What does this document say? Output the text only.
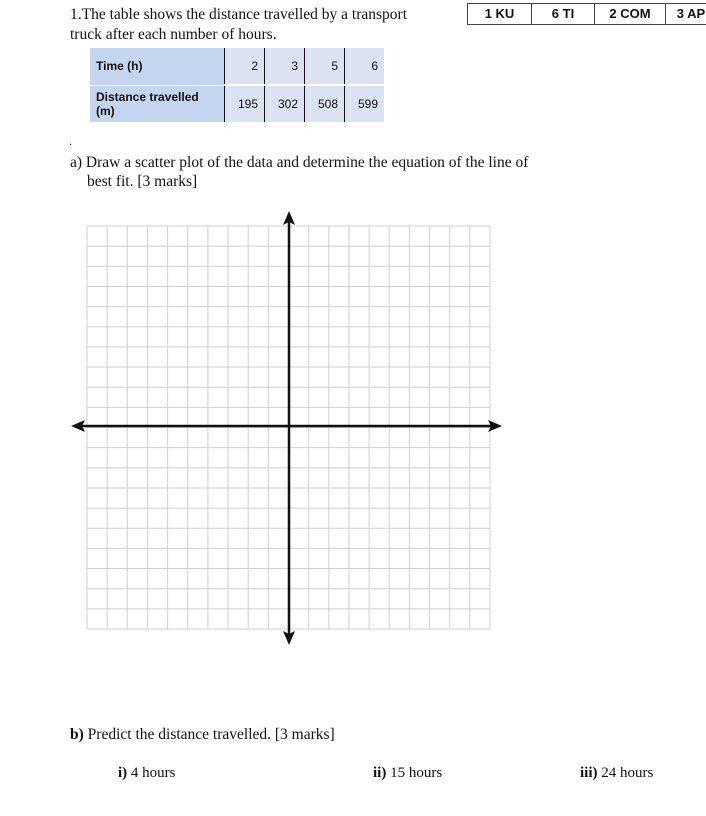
1 KU	6 TI	2 COM	3 AP
1.The table shows the distance travelled by a transport
truck after each number of hours.
Time (h)	2	3	5	6
Distance travelled (m)	195	302	508	599
.
a) Draw a scatter plot of the data and determine the equation of the line of
best fit. [3 marks]
b) Predict the distance travelled. [3 marks]
i) 4 hours	ii) 15 hours	iii) 24 hours
